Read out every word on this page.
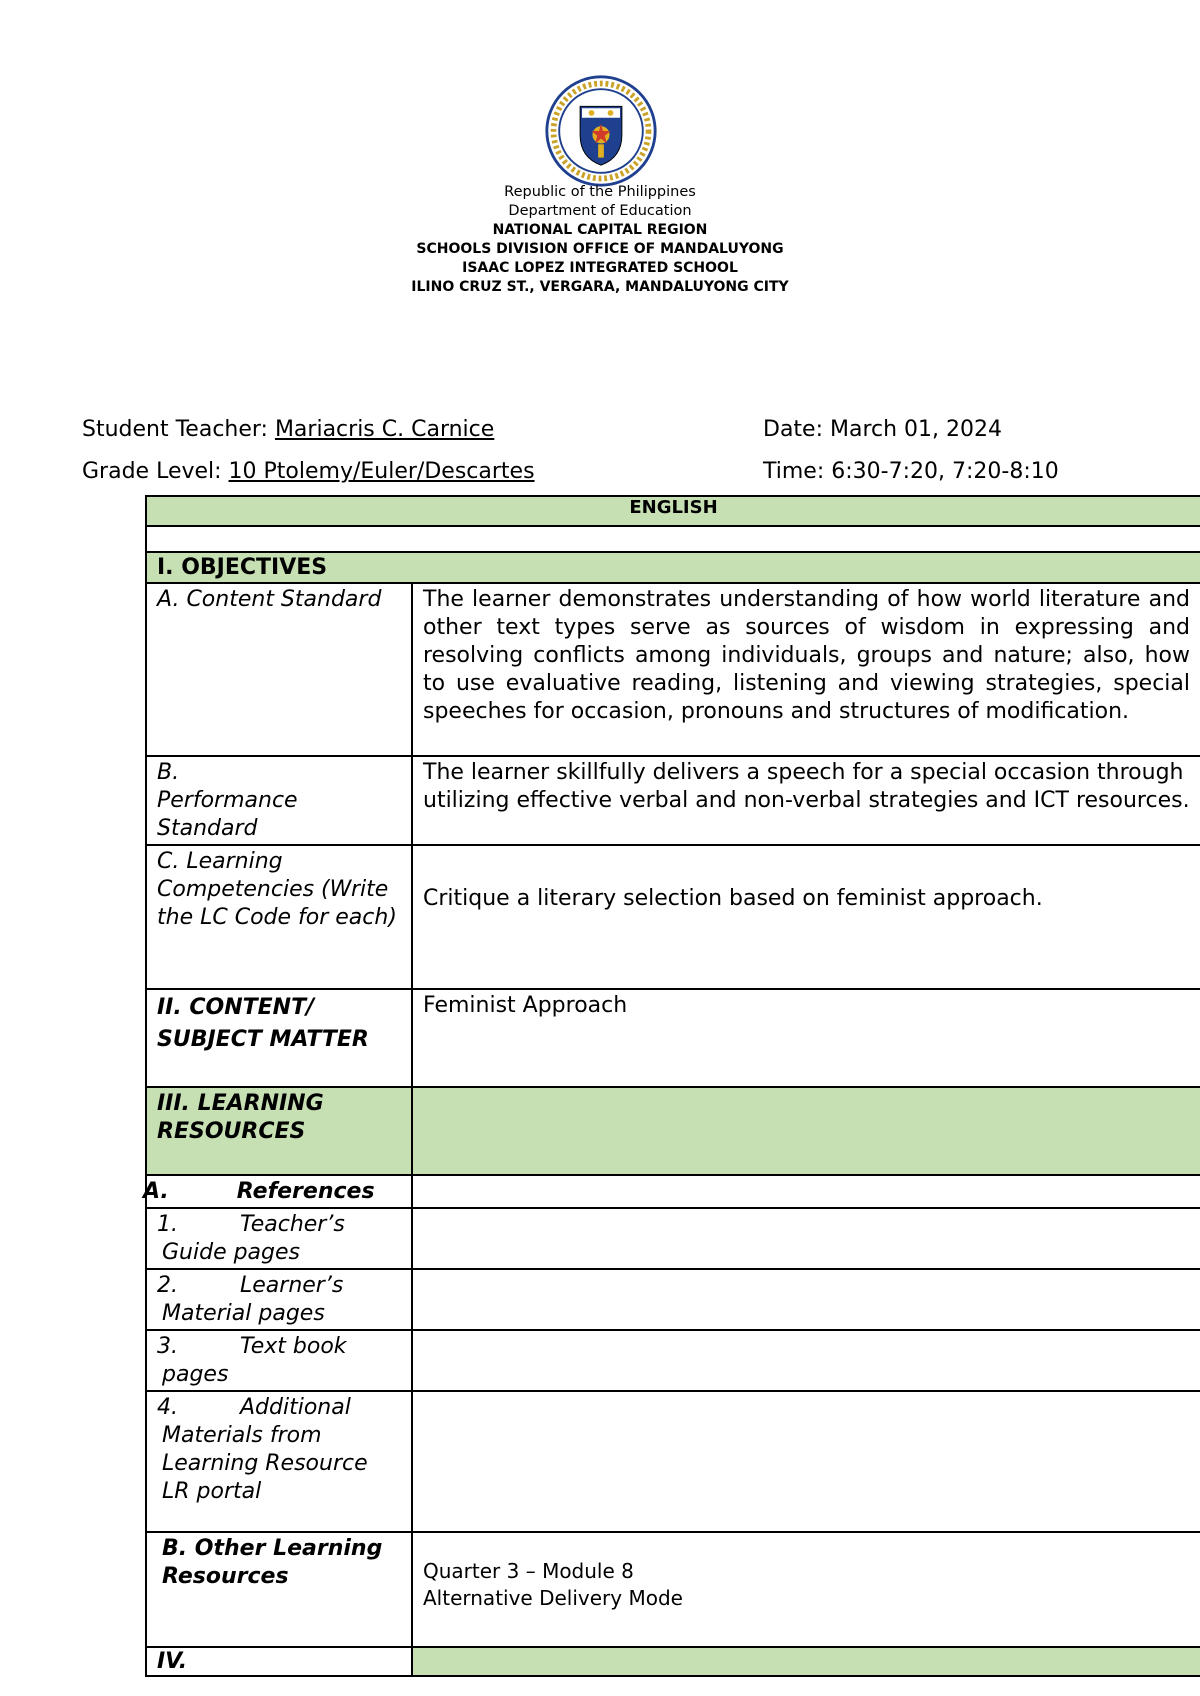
Republic of the Philippines
Department of Education
NATIONAL CAPITAL REGION
SCHOOLS DIVISION OFFICE OF MANDALUYONG
ISAAC LOPEZ INTEGRATED SCHOOL
ILINO CRUZ ST., VERGARA, MANDALUYONG CITY
Student Teacher: Mariacris C. Carnice	Date: March 01, 2024
Grade Level: 10 Ptolemy/Euler/Descartes	Time: 6:30-7:20, 7:20-8:10
ENGLISH	

I. OBJECTIVES	
A. Content Standard	The learner demonstrates understanding of how world literature and other text types serve as sources of wisdom in expressing and resolving conflicts among individuals, groups and nature; also, how to use evaluative reading, listening and viewing strategies, special speeches for occasion, pronouns and structures of modification.

B.
Performance Standard	The learner skillfully delivers a speech for a special occasion through utilizing effective verbal and non-verbal strategies and ICT resources.
C. Learning Competencies (Write the LC Code for each)	Critique a literary selection based on feminist approach.
II. CONTENT/ SUBJECT MATTER	Feminist Approach
III. LEARNING RESOURCES	
A. References	
1. Teacher’s
Guide pages	

2. Learner’s
Material pages	

3. Text book
pages	

4. Additional
Materials from Learning Resource LR portal	

B. Other Learning Resources	Quarter 3 – Module 8
Alternative Delivery Mode

IV.	
